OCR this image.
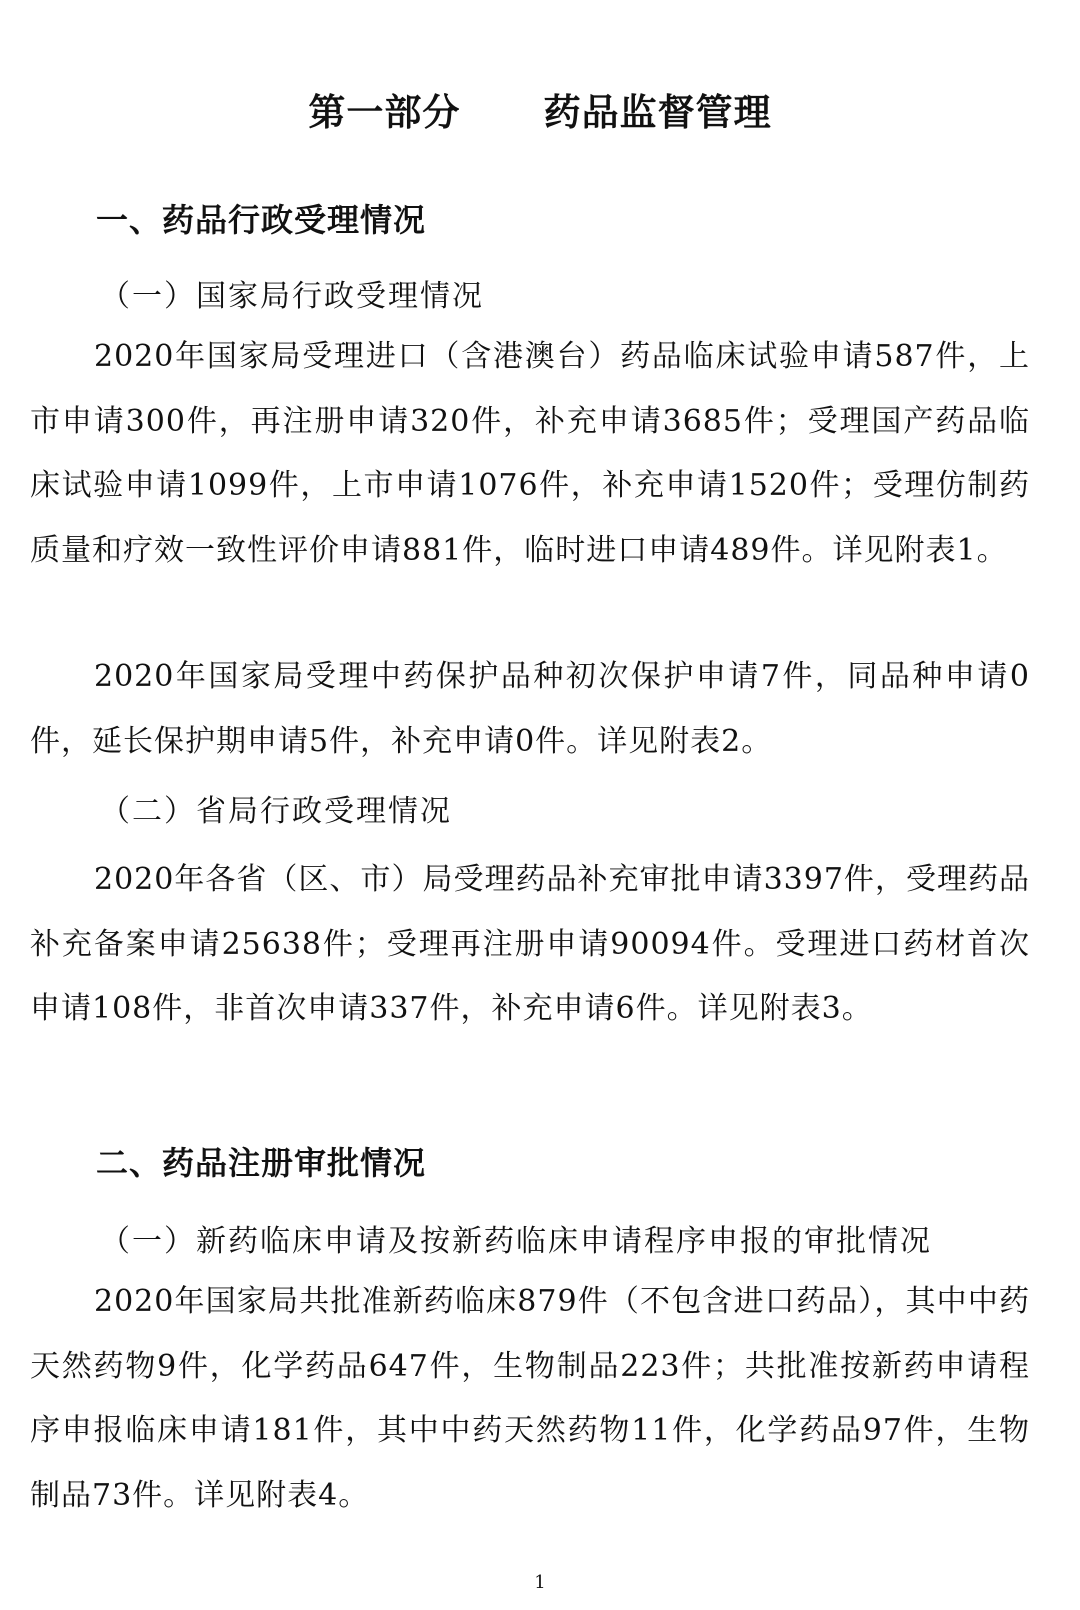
第一部分      药品监督管理
一、药品行政受理情况
（一）国家局行政受理情况
2020年国家局受理进口（含港澳台）药品临床试验申请587件，上市申请300件，再注册申请320件，补充申请3685件；受理国产药品临床试验申请1099件，上市申请1076件，补充申请1520件；受理仿制药质量和疗效一致性评价申请881件，临时进口申请489件。详见附表1。
2020年国家局受理中药保护品种初次保护申请7件，同品种申请0件，延长保护期申请5件，补充申请0件。详见附表2。
（二）省局行政受理情况
2020年各省（区、市）局受理药品补充审批申请3397件，受理药品补充备案申请25638件；受理再注册申请90094件。受理进口药材首次申请108件，非首次申请337件，补充申请6件。详见附表3。
二、药品注册审批情况
（一）新药临床申请及按新药临床申请程序申报的审批情况
2020年国家局共批准新药临床879件（不包含进口药品），其中中药天然药物9件，化学药品647件，生物制品223件；共批准按新药申请程序申报临床申请181件，其中中药天然药物11件，化学药品97件，生物制品73件。详见附表4。
1
